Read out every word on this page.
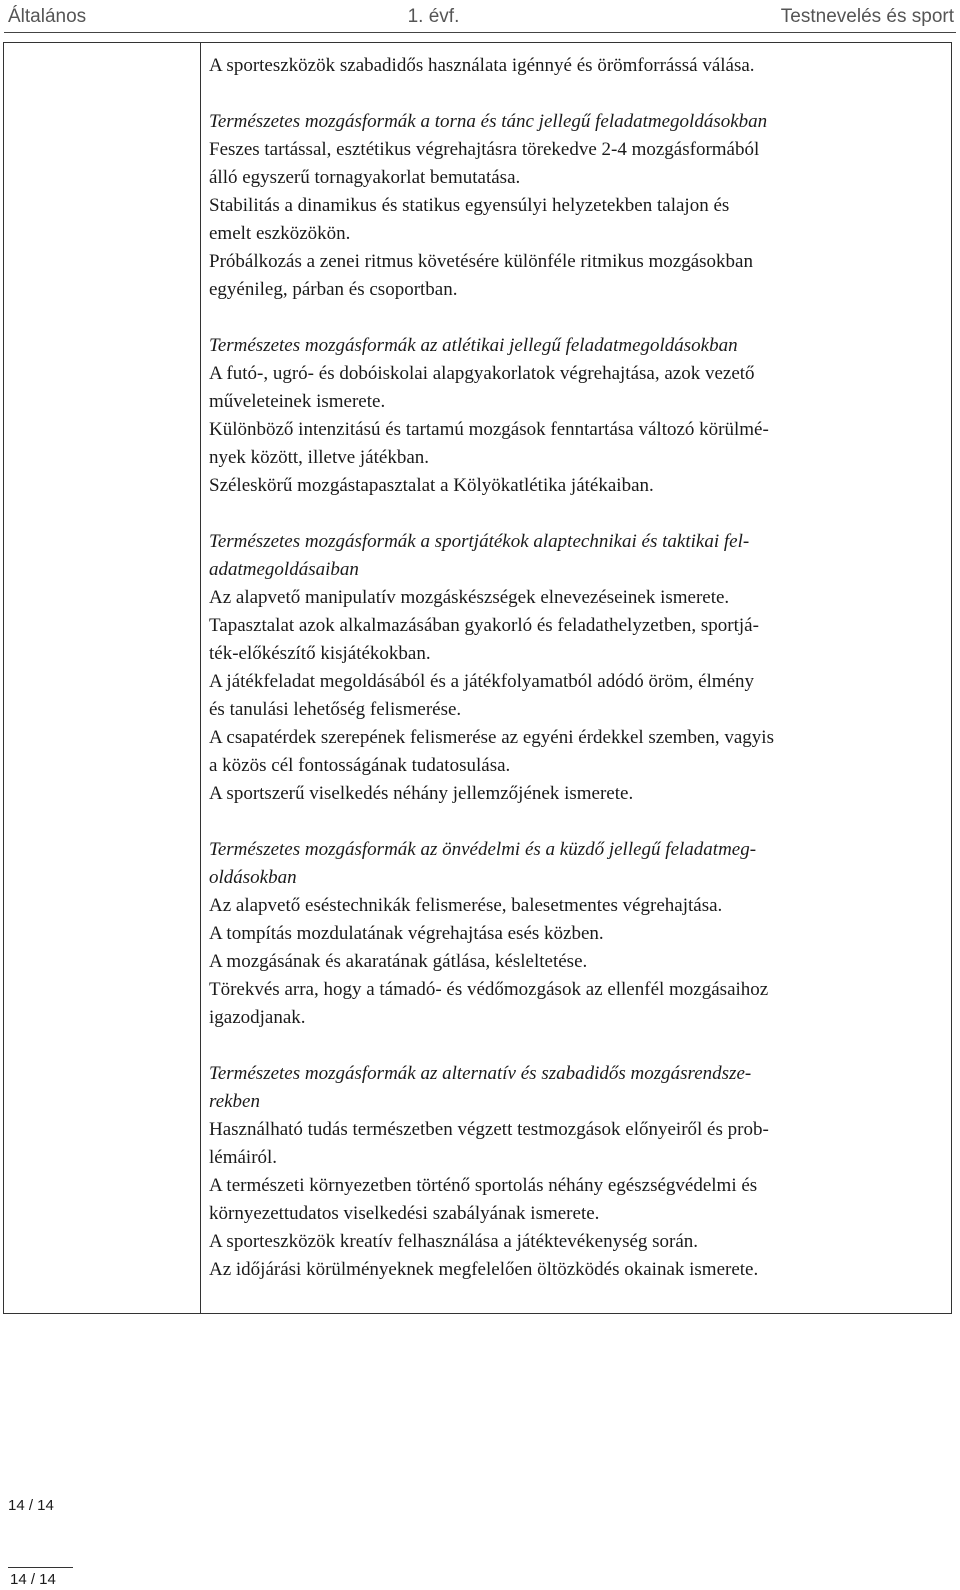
Általános	1. évf.	Testnevelés és sport
A sporteszközök szabadidős használata igénnyé és örömforrássá válása.
Természetes mozgásformák a torna és tánc jellegű feladatmegoldásokban
Feszes tartással, esztétikus végrehajtásra törekedve 2-4 mozgásformából
álló egyszerű tornagyakorlat bemutatása.
Stabilitás a dinamikus és statikus egyensúlyi helyzetekben talajon és
emelt eszközökön.
Próbálkozás a zenei ritmus követésére különféle ritmikus mozgásokban
egyénileg, párban és csoportban.
Természetes mozgásformák az atlétikai jellegű feladatmegoldásokban
A futó-, ugró- és dobóiskolai alapgyakorlatok végrehajtása, azok vezető
műveleteinek ismerete.
Különböző intenzitású és tartamú mozgások fenntartása változó körülmé-
nyek között, illetve játékban.
Széleskörű mozgástapasztalat a Kölyökatlétika játékaiban.
Természetes mozgásformák a sportjátékok alaptechnikai és taktikai fel-
adatmegoldásaiban
Az alapvető manipulatív mozgáskészségek elnevezéseinek ismerete.
Tapasztalat azok alkalmazásában gyakorló és feladathelyzetben, sportjá-
ték-előkészítő kisjátékokban.
A játékfeladat megoldásából és a játékfolyamatból adódó öröm, élmény
és tanulási lehetőség felismerése.
A csapatérdek szerepének felismerése az egyéni érdekkel szemben, vagyis
a közös cél fontosságának tudatosulása.
A sportszerű viselkedés néhány jellemzőjének ismerete.
Természetes mozgásformák az önvédelmi és a küzdő jellegű feladatmeg-
oldásokban
Az alapvető eséstechnikák felismerése, balesetmentes végrehajtása.
A tompítás mozdulatának végrehajtása esés közben.
A mozgásának és akaratának gátlása, késleltetése.
Törekvés arra, hogy a támadó- és védőmozgások az ellenfél mozgásaihoz
igazodjanak.
Természetes mozgásformák az alternatív és szabadidős mozgásrendsze-
rekben
Használható tudás természetben végzett testmozgások előnyeiről és prob-
lémáiról.
A természeti környezetben történő sportolás néhány egészségvédelmi és
környezettudatos viselkedési szabályának ismerete.
A sporteszközök kreatív felhasználása a játéktevékenység során.
Az időjárási körülményeknek megfelelően öltözködés okainak ismerete.
14 / 14
14 / 14
